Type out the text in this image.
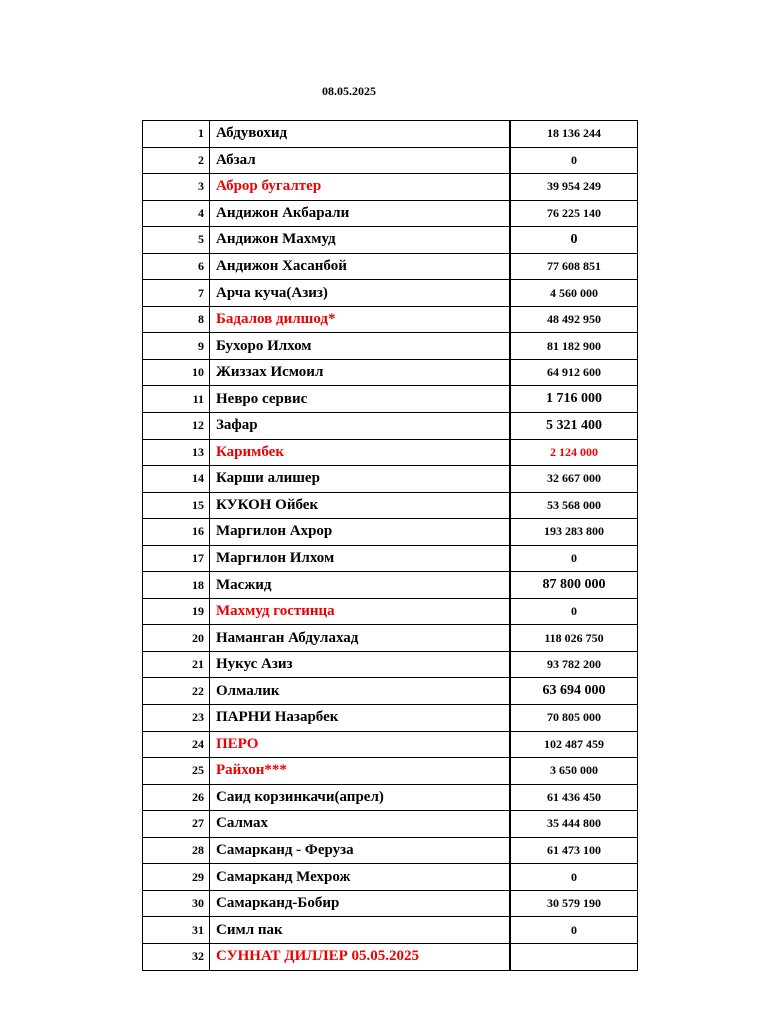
08.05.2025
1	Абдувохид	18 136 244
2	Абзал	0
3	Аброр бугалтер	39 954 249
4	Андижон Акбарали	76 225 140
5	Андижон Махмуд	0
6	Андижон Хасанбой	77 608 851
7	Арча куча(Азиз)	4 560 000
8	Бадалов дилшод*	48 492 950
9	Бухоро Илхом	81 182 900
10	Жиззах Исмоил	64 912 600
11	Невро сервис	1 716 000
12	Зафар	5 321 400
13	Каримбек	2 124 000
14	Карши алишер	32 667 000
15	КУКОН Ойбек	53 568 000
16	Маргилон Ахрор	193 283 800
17	Маргилон Илхом	0
18	Масжид	87 800 000
19	Махмуд гостинца	0
20	Наманган Абдулахад	118 026 750
21	Нукус Азиз	93 782 200
22	Олмалик	63 694 000
23	ПАРНИ Назарбек	70 805 000
24	ПЕРО	102 487 459
25	Райхон***	3 650 000
26	Саид корзинкачи(апрел)	61 436 450
27	Салмах	35 444 800
28	Самарканд - Феруза	61 473 100
29	Самарканд Мехрож	0
30	Самарканд-Бобир	30 579 190
31	Симл пак	0
32	СУННАТ ДИЛЛЕР 05.05.2025	
